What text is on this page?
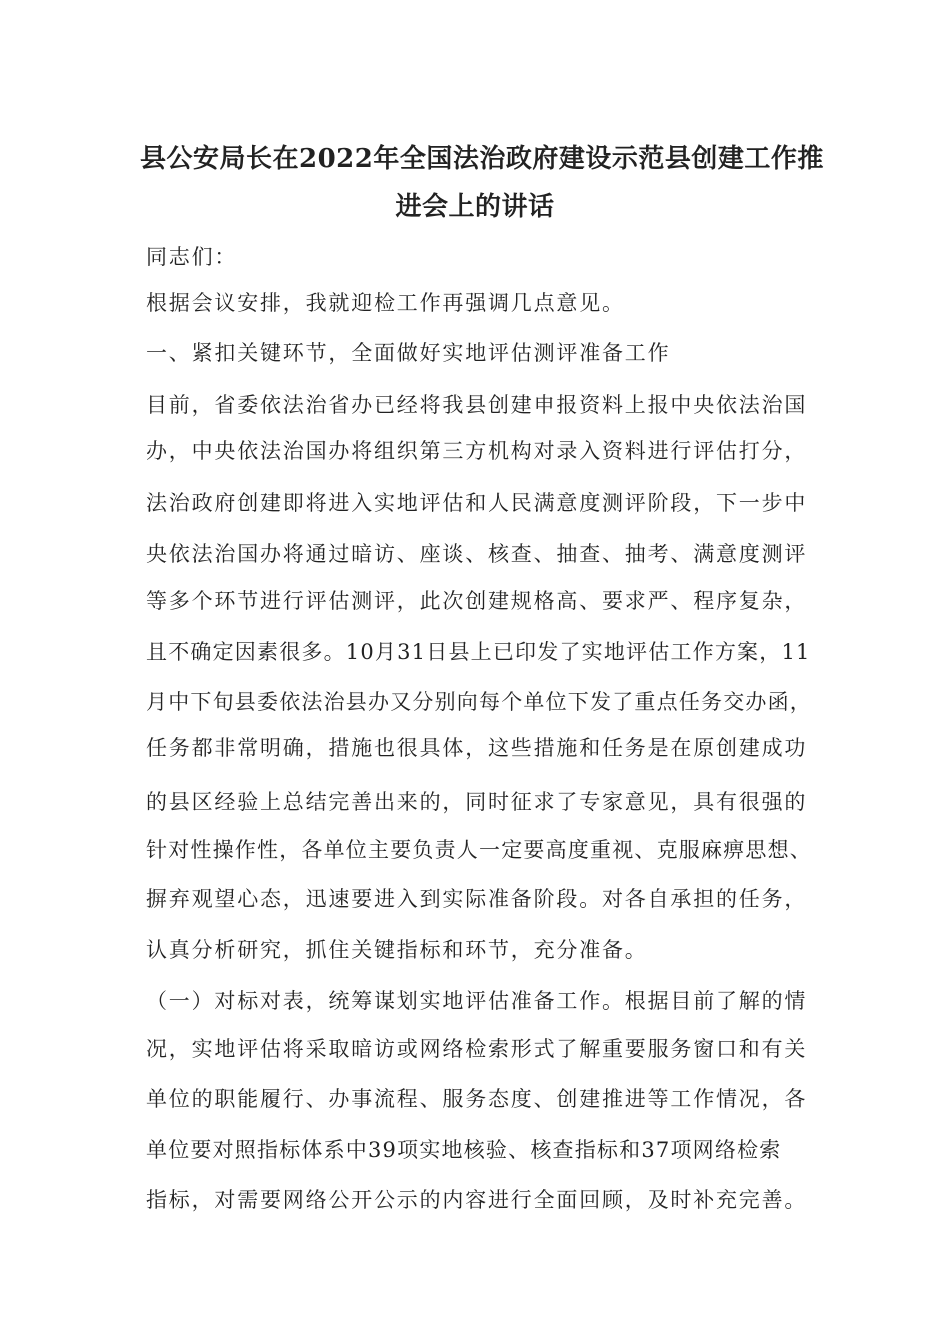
县公安局长在2022年全国法治政府建设示范县创建工作推
进会上的讲话

同志们：

根据会议安排，我就迎检工作再强调几点意见。

一、紧扣关键环节，全面做好实地评估测评准备工作

目前，省委依法治省办已经将我县创建申报资料上报中央依法治国

办，中央依法治国办将组织第三方机构对录入资料进行评估打分，

法治政府创建即将进入实地评估和人民满意度测评阶段，下一步中

央依法治国办将通过暗访、座谈、核查、抽查、抽考、满意度测评

等多个环节进行评估测评，此次创建规格高、要求严、程序复杂，

且不确定因素很多。10月31日县上已印发了实地评估工作方案，11

月中下旬县委依法治县办又分别向每个单位下发了重点任务交办函，

任务都非常明确，措施也很具体，这些措施和任务是在原创建成功

的县区经验上总结完善出来的，同时征求了专家意见，具有很强的

针对性操作性，各单位主要负责人一定要高度重视、克服麻痹思想、

摒弃观望心态，迅速要进入到实际准备阶段。对各自承担的任务，

认真分析研究，抓住关键指标和环节，充分准备。

（一）对标对表，统筹谋划实地评估准备工作。根据目前了解的情

况，实地评估将采取暗访或网络检索形式了解重要服务窗口和有关

单位的职能履行、办事流程、服务态度、创建推进等工作情况，各

单位要对照指标体系中39项实地核验、核查指标和37项网络检索

指标，对需要网络公开公示的内容进行全面回顾，及时补充完善。
